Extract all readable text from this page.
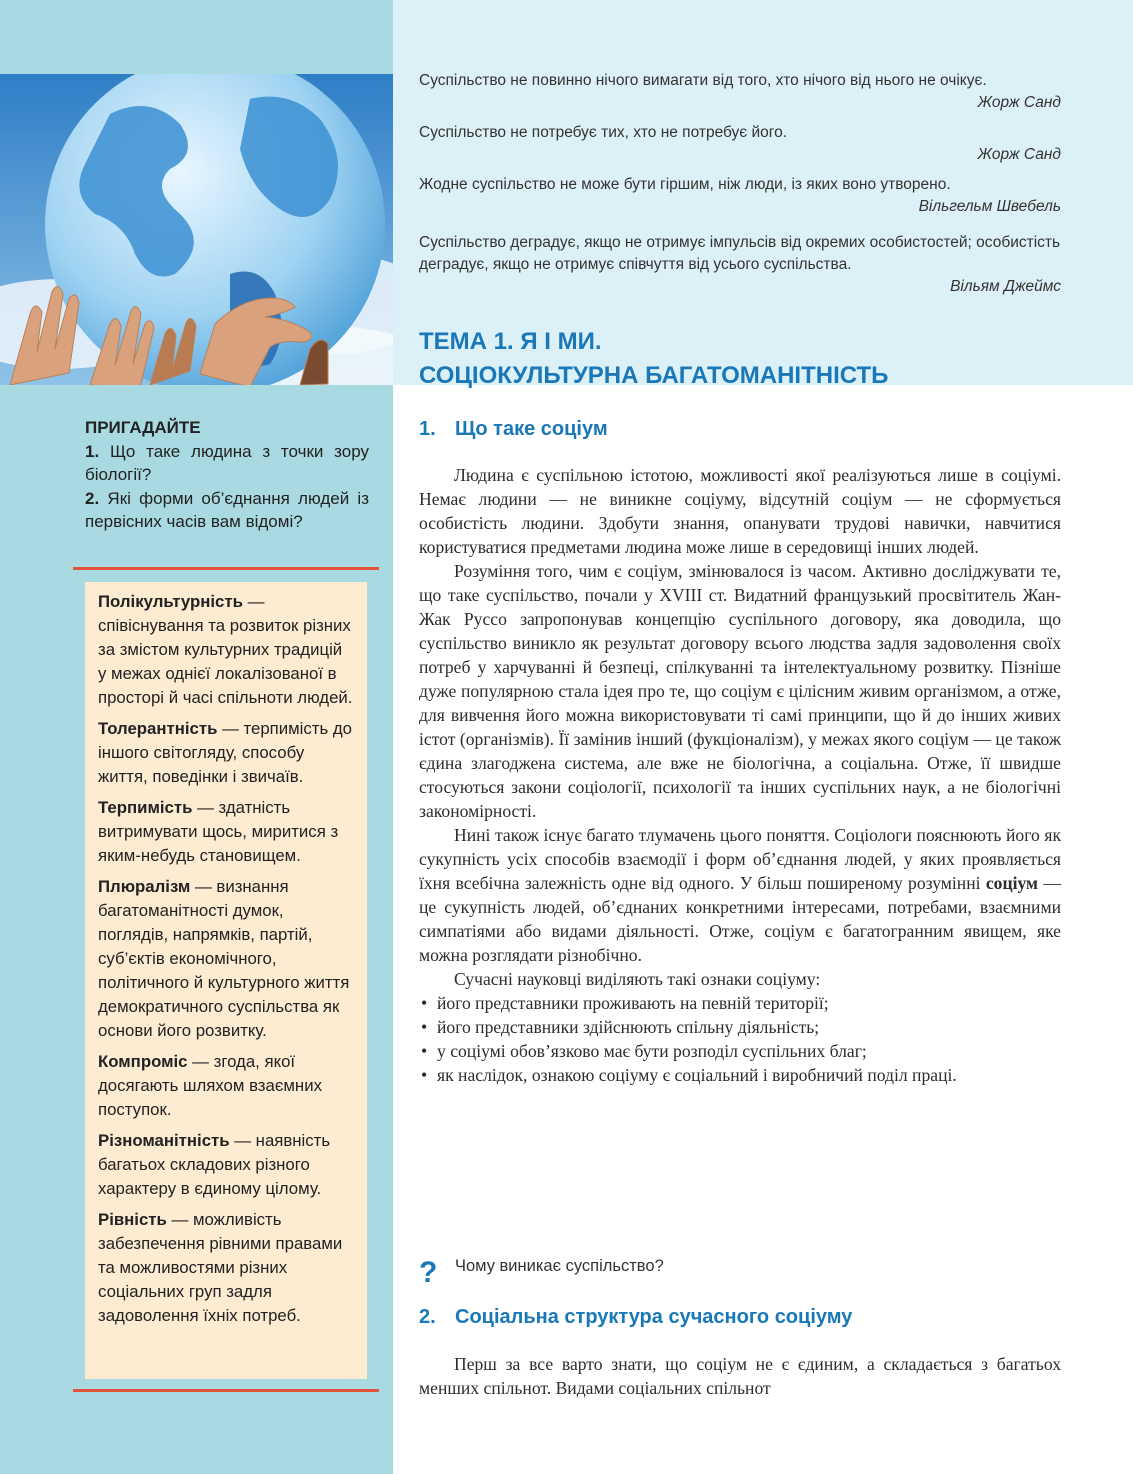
Суспільство не повинно нічого вимагати від того, хто нічого від нього не очікує.
Жорж Санд
Суспільство не потребує тих, хто не потребує його.
Жорж Санд
Жодне суспільство не може бути гіршим, ніж люди, із яких воно утворено.
Вільгельм Швебель
Суспільство деградує, якщо не отримує імпульсів від окремих особистостей; особистість деградує, якщо не отримує співчуття від усього суспільства.
Вільям Джеймс
ТЕМА 1. Я І МИ.
СОЦІОКУЛЬТУРНА БАГАТОМАНІТНІСТЬ
1. Що таке соціум

Людина є суспільною істотою, можливості якої реалізуються лише в соціумі. Немає людини — не виникне соціуму, відсутній соціум — не сформується особистість людини. Здобути знання, опанувати трудові навички, навчитися користуватися предметами людина може лише в середовищі інших людей.

Розуміння того, чим є соціум, змінювалося із часом. Активно досліджувати те, що таке суспільство, почали у XVIII ст. Видатний французький просвітитель Жан-Жак Руссо запропонував концепцію суспільного договору, яка доводила, що суспільство виникло як результат договору всього людства задля задоволення своїх потреб у харчуванні й безпеці, спілкуванні та інтелектуальному розвитку. Пізніше дуже популярною стала ідея про те, що соціум є цілісним живим організмом, а отже, для вивчення його можна використовувати ті самі принципи, що й до інших живих істот (організмів). Її замінив інший (фукціоналізм), у межах якого соціум — це також єдина злагоджена система, але вже не біологічна, а соціальна. Отже, її швидше стосуються закони соціології, психології та інших суспільних наук, а не біологічні закономірності.

Нині також існує багато тлумачень цього поняття. Соціологи пояснюють його як сукупність усіх способів взаємодії і форм об’єднання людей, у яких проявляється їхня всебічна залежність одне від одного. У більш поширеному розумінні соціум — це сукупність людей, об’єднаних конкретними інтересами, потребами, взаємними симпатіями або видами діяльності. Отже, соціум є багатогранним явищем, яке можна розглядати різнобічно.

Сучасні науковці виділяють такі ознаки соціуму:

• його представники проживають на певній території;
• його представники здійснюють спільну діяльність;
• у соціумі обов’язково має бути розподіл суспільних благ;
• як наслідок, ознакою соціуму є соціальний і виробничий поділ праці.
? Чому виникає суспільство?
2. Соціальна структура сучасного соціуму

Перш за все варто знати, що соціум не є єдиним, а складається з багатьох менших спільнот. Видами соціальних спільнот

ПРИГАДАЙТЕ
1. Що таке людина з точки зору біології?
2. Які форми об’єднання людей із первісних часів вам відомі?
Полікультурність — співіснування та розвиток різних за змістом культурних традицій у межах однієї локалізованої в просторі й часі спільноти людей.
Толерантність — терпимість до іншого світогляду, способу життя, поведінки і звичаїв.
Терпимість — здатність витримувати щось, миритися з яким-небудь становищем.
Плюралізм — визнання багатоманітності думок, поглядів, напрямків, партій, суб’єктів економічного, політичного й культурного життя демократичного суспільства як основи його розвитку.
Компроміс — згода, якої досягають шляхом взаємних поступок.
Різноманітність — наявність багатьох складових різного характеру в єдиному цілому.
Рівність — можливість забезпечення рівними правами та можливостями різних соціальних груп задля задоволення їхніх потреб.
